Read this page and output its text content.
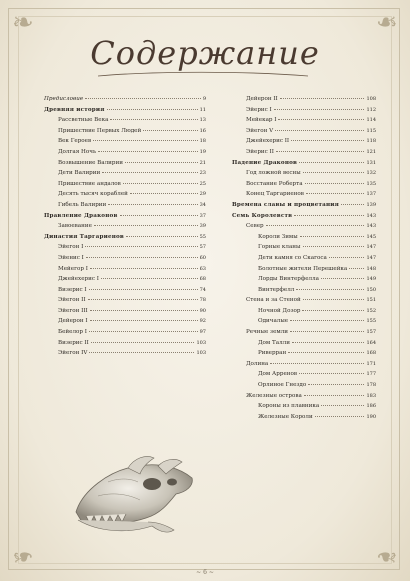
❧	❧
❧	❧
Содержание
Предисловие	9
Древняя история	11
Рассветные Века	13
Пришествие Первых Людей	16
Век Героев	18
Долгая Ночь	19
Возвышение Валирии	21
Дети Валирии	23
Пришествие андалов	25
Десять тысяч кораблей	29
Гибель Валирии	34
Правление Драконов	37
Завоевание	39
Династия Таргариенов	55
Эйегон I	57
Эйенис I	60
Мейегор I	63
Джейехерис I	68
Визерис I	74
Эйегон II	78
Эйегон III	90
Дейерон I	92
Бейелор I	97
Визерис II	103
Эйегон IV	103
Дейерон II	108
Эйерис I	112
Мейекар I	114
Эйегон V	115
Джейехерис II	118
Эйерис II	121
Падение Драконов	131
Год ложной весны	132
Восстание Роберта	135
Конец Таргариенов	137
Времена славы и процветания	139
Семь Королевств	143
Север	143
Короли Зимы	145
Горные кланы	147
Дети камня со Скагоса	147
Болотные жители Перешейка	148
Лорды Винтерфелла	149
Винтерфелл	150
Стена и за Стеной	151
Ночной Дозор	152
Одичалые	155
Речные земли	157
Дом Талли	164
Риверран	168
Долина	171
Дом Арренов	177
Орлиное Гнездо	178
Железные острова	183
Короны из плавника	186
Железные Короли	190
~ 6 ~
